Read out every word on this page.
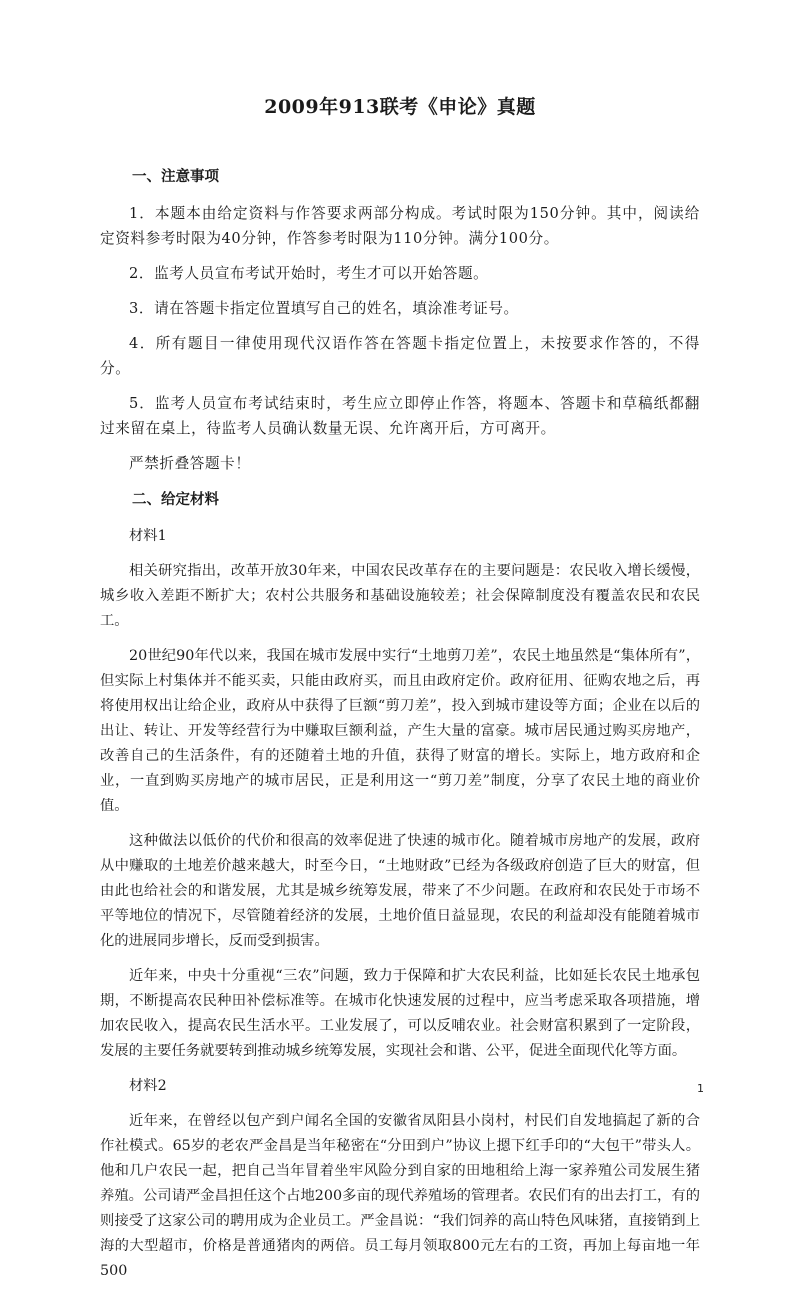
2009年913联考《申论》真题
一、注意事项
1．本题本由给定资料与作答要求两部分构成。考试时限为150分钟。其中，阅读给定资料参考时限为40分钟，作答参考时限为110分钟。满分100分。
2．监考人员宣布考试开始时，考生才可以开始答题。
3．请在答题卡指定位置填写自己的姓名，填涂准考证号。
4．所有题目一律使用现代汉语作答在答题卡指定位置上，未按要求作答的，不得分。
5．监考人员宣布考试结束时，考生应立即停止作答，将题本、答题卡和草稿纸都翻过来留在桌上，待监考人员确认数量无误、允许离开后，方可离开。
严禁折叠答题卡！
二、给定材料
材料1
相关研究指出，改革开放30年来，中国农民改革存在的主要问题是：农民收入增长缓慢，城乡收入差距不断扩大；农村公共服务和基础设施较差；社会保障制度没有覆盖农民和农民工。
20世纪90年代以来，我国在城市发展中实行“土地剪刀差”，农民土地虽然是“集体所有”，但实际上村集体并不能买卖，只能由政府买，而且由政府定价。政府征用、征购农地之后，再将使用权出让给企业，政府从中获得了巨额“剪刀差”，投入到城市建设等方面；企业在以后的出让、转让、开发等经营行为中赚取巨额利益，产生大量的富豪。城市居民通过购买房地产，改善自己的生活条件，有的还随着土地的升值，获得了财富的增长。实际上，地方政府和企业，一直到购买房地产的城市居民，正是利用这一“剪刀差”制度，分享了农民土地的商业价值。
这种做法以低价的代价和很高的效率促进了快速的城市化。随着城市房地产的发展，政府从中赚取的土地差价越来越大，时至今日，“土地财政”已经为各级政府创造了巨大的财富，但由此也给社会的和谐发展，尤其是城乡统筹发展，带来了不少问题。在政府和农民处于市场不平等地位的情况下，尽管随着经济的发展，土地价值日益显现，农民的利益却没有能随着城市化的进展同步增长，反而受到损害。
近年来，中央十分重视“三农”问题，致力于保障和扩大农民利益，比如延长农民土地承包期，不断提高农民种田补偿标准等。在城市化快速发展的过程中，应当考虑采取各项措施，增加农民收入，提高农民生活水平。工业发展了，可以反哺农业。社会财富积累到了一定阶段，发展的主要任务就要转到推动城乡统筹发展，实现社会和谐、公平，促进全面现代化等方面。
材料2
近年来，在曾经以包产到户闻名全国的安徽省凤阳县小岗村，村民们自发地搞起了新的合作社模式。65岁的老农严金昌是当年秘密在“分田到户”协议上摁下红手印的“大包干”带头人。他和几户农民一起，把自己当年冒着坐牢风险分到自家的田地租给上海一家养殖公司发展生猪养殖。公司请严金昌担任这个占地200多亩的现代养殖场的管理者。农民们有的出去打工，有的则接受了这家公司的聘用成为企业员工。严金昌说：“我们饲养的高山特色风味猪，直接销到上海的大型超市，价格是普通猪肉的两倍。员工每月领取800元左右的工资，再加上每亩地一年500
1
